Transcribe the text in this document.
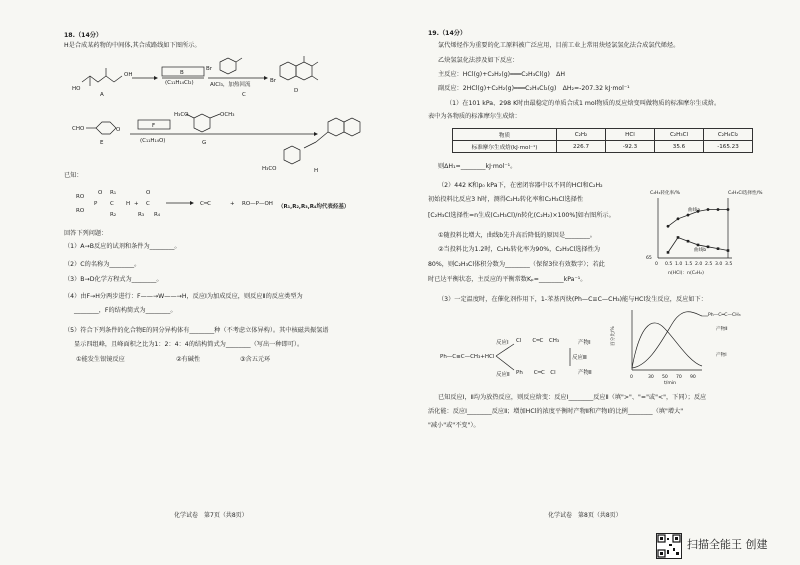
18.（14分）
H是合成某药物的中间体,其合成路线如下图所示。
HO
OH
A
B
(C₁₁H₁₄Cl₂)
Br
AlCl₃，加热回流
C
Br
D
CHO	O
E
F
(C₁₁H₁₄O)
H₃CO	OCH₃
G
H₃CO	H
已知：
RO
RO
P
O
C
R₁
R₂
H + C
O
R₃ R₄
C═C	+ RO—P—OH （R₁,R₂,R₃,R₄均代表烃基）
回答下列问题：
（1）A→B反应的试剂和条件为________。
（2）C的名称为________。
（3）B→D化学方程式为________。
（4）由F→H分两步进行：F——→W——→H，反应Ⅰ为加成反应，则反应Ⅱ的反应类型为
________，F的结构简式为________。
（5）符合下列条件的化合物E的同分异构体有________种（不考虑立体异构）。其中核磁共振氢谱
显示四组峰，且峰面积之比为1：2：4：4的结构简式为________（写出一种即可）。
①能发生银镜反应	②有碱性	③含五元环
化学试卷　第7页（共8页）
19.（14分）
氯代烯烃作为重要的化工原料被广泛应用，目前工业上常用炔烃氯氢化法合成氯代烯烃。
乙炔氢氯化法涉及如下反应：
主反应：HCl(g)+C₂H₂(g)═══C₂H₃Cl(g)　ΔH
副反应：2HCl(g)+C₂H₂(g)═══C₂H₄Cl₂(g)　ΔH₂=-207.32 kJ·mol⁻¹
（1）在101 kPa、298 K时由最稳定的单质合成1 mol物质的反应焓变叫做物质的标准摩尔生成焓。
表中为各物质的标准摩尔生成焓：
物质	C₂H₂	HCl	C₂H₃Cl	C₂H₄Cl₂
标准摩尔生成焓(kJ·mol⁻¹)	226.7	-92.3	35.6	-165.23
则ΔH₁=________kJ·mol⁻¹。
（2）442 K和p₀ kPa下，在密闭容器中以不同的HCl和C₂H₂
初始投料比反应3 h时，测得C₂H₂转化率和C₂H₃Cl选择性
[C₂H₃Cl选择性=n生成(C₂H₃Cl)/n转化(C₂H₂)×100%]如右图所示。
①随投料比增大，曲线b先升高后降低的原因是________。
②当投料比为1.2时，C₂H₂转化率为90%，C₂H₃Cl选择性为
80%，则C₂H₃Cl体积分数为________（保留3位有效数字）；若此
时已达平衡状态，主反应的平衡常数Kₚ=________kPa⁻¹。
C₂H₂转化率/%	C₂H₃Cl选择性/%
65
0 0.5 1.0 1.5 2.0 2.5 3.0 3.5
曲线a
曲线b
n(HCl)：n(C₂H₂)
（3）一定温度时，在催化剂作用下，1-苯基丙炔(Ph—C≡C—CH₃)能与HCl发生反应，反应如下：
Ph—C≡C—CH₃+HCl
反应Ⅰ
反应Ⅱ
Cl　　C═C　CH₃
Ph　　C═C　Cl
产物Ⅰ
产物Ⅱ
反应Ⅲ
百分比/%
0	30 50 70 90
t/min
Ph—C═C—CH₃
产物Ⅱ
产物Ⅰ
已知反应Ⅰ，Ⅱ均为放热反应，则反应焓变：反应Ⅰ________反应Ⅱ（填">"、"="或"<"，下同）；反应
活化能：反应Ⅰ________反应Ⅱ；增加HCl的浓度平衡时产物Ⅱ和产物Ⅰ的比例________（填"增大"
"减小"或"不变"）。
化学试卷　第8页（共8页）
扫描全能王 创建
